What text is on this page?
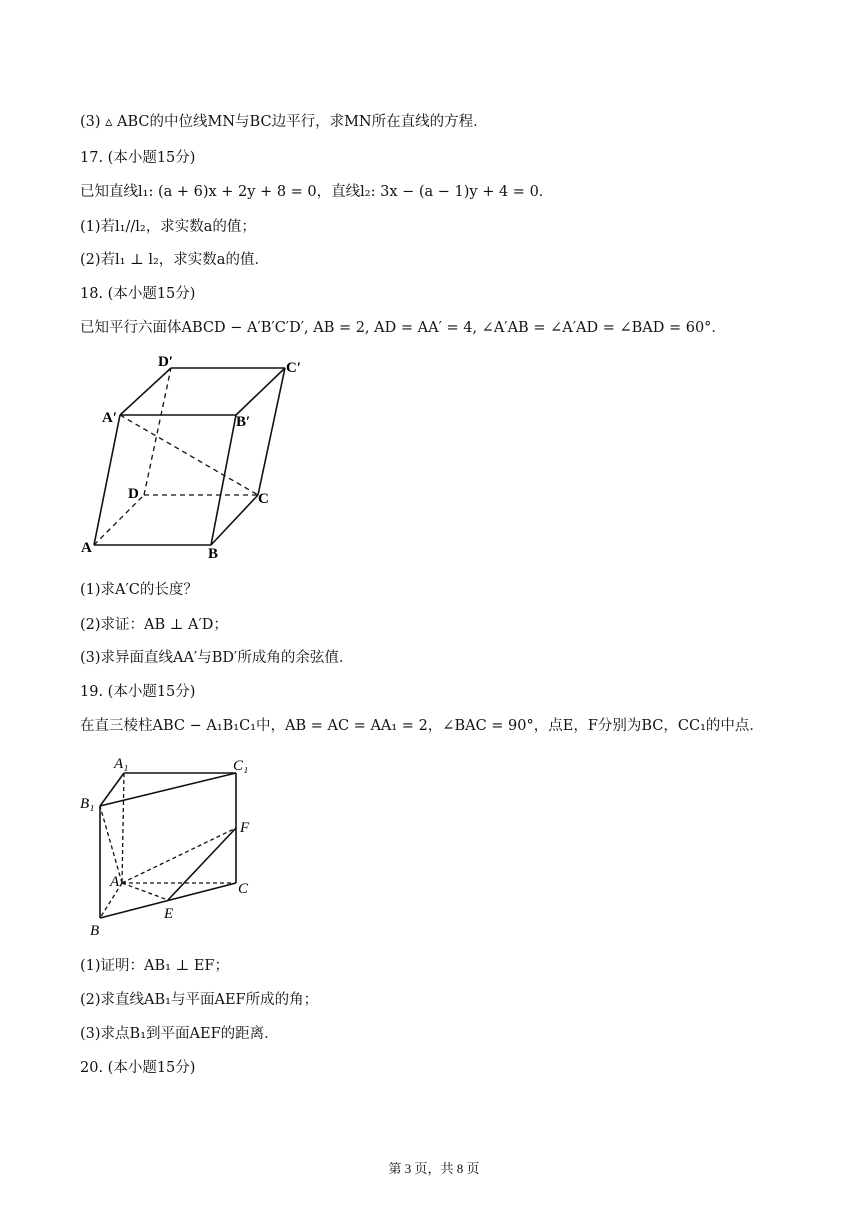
(3) ▵ ABC的中位线MN与BC边平行，求MN所在直线的方程．
17. (本小题15分)
已知直线l₁: (a + 6)x + 2y + 8 = 0，直线l₂: 3x − (a − 1)y + 4 = 0．
(1)若l₁//l₂，求实数a的值；
(2)若l₁ ⊥ l₂，求实数a的值．
18. (本小题15分)
已知平行六面体ABCD − A′B′C′D′, AB = 2, AD = AA′ = 4, ∠A′AB = ∠A′AD = ∠BAD = 60°．
D′	C′
A′	B′
D	C
A	B
(1)求A′C的长度？
(2)求证：AB ⊥ A′D；
(3)求异面直线AA′与BD′所成角的余弦值．
19. (本小题15分)
在直三棱柱ABC − A₁B₁C₁中，AB = AC = AA₁ = 2，∠BAC = 90°，点E，F分别为BC，CC₁的中点．
A₁	C₁
B₁
F
A	C
E
B
(1)证明：AB₁ ⊥ EF；
(2)求直线AB₁与平面AEF所成的角；
(3)求点B₁到平面AEF的距离．
20. (本小题15分)
第 3 页，共 8 页
